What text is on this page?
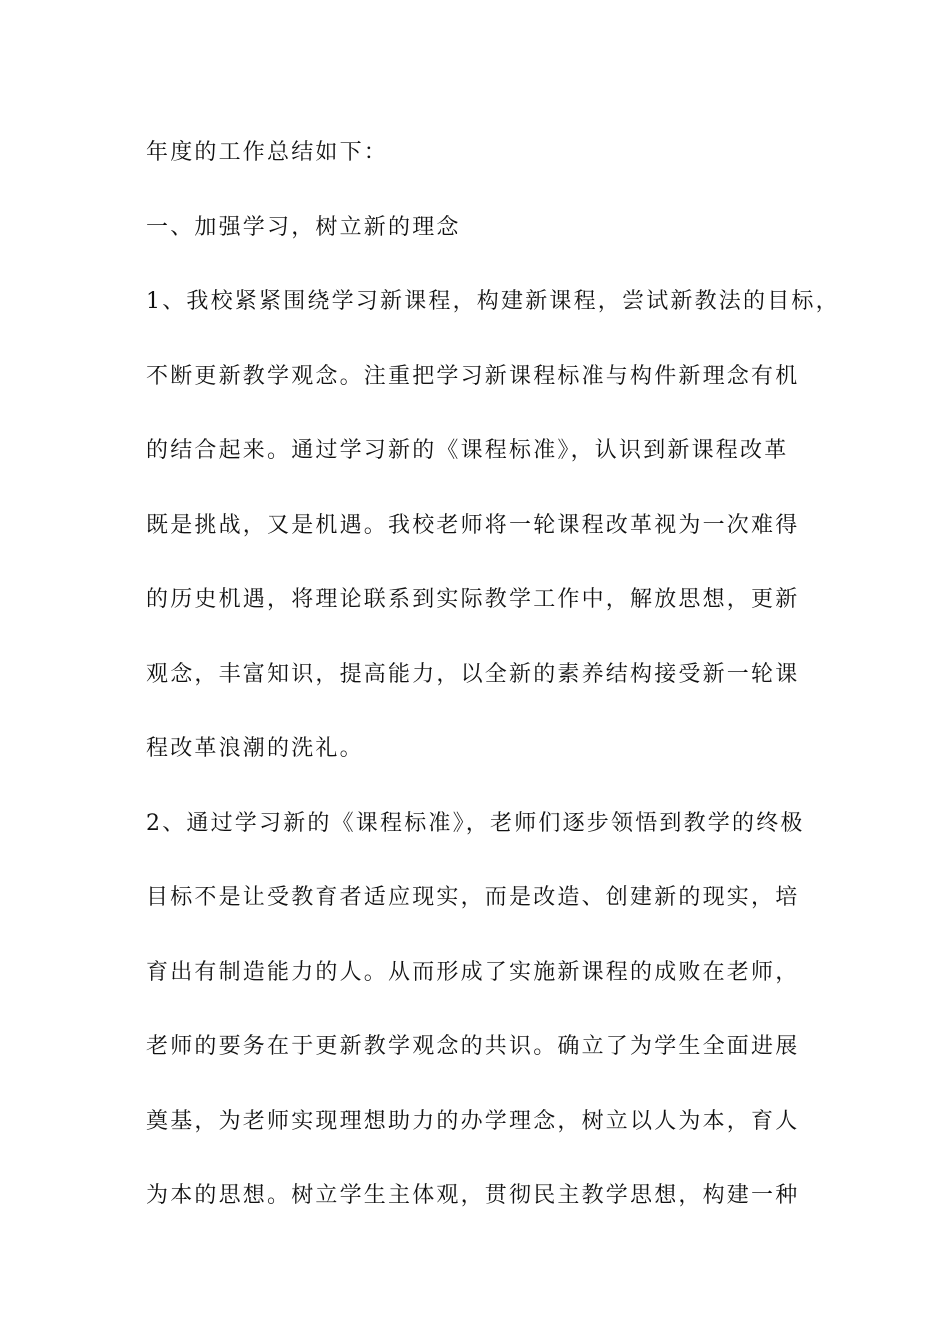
年度的工作总结如下：
一、加强学习，树立新的理念
1、我校紧紧围绕学习新课程，构建新课程，尝试新教法的目标，
不断更新教学观念。注重把学习新课程标准与构件新理念有机
的结合起来。通过学习新的《课程标准》，认识到新课程改革
既是挑战，又是机遇。我校老师将一轮课程改革视为一次难得
的历史机遇，将理论联系到实际教学工作中，解放思想，更新
观念，丰富知识，提高能力，以全新的素养结构接受新一轮课
程改革浪潮的洗礼。
2、通过学习新的《课程标准》，老师们逐步领悟到教学的终极
目标不是让受教育者适应现实，而是改造、创建新的现实，培
育出有制造能力的人。从而形成了实施新课程的成败在老师，
老师的要务在于更新教学观念的共识。确立了为学生全面进展
奠基，为老师实现理想助力的办学理念，树立以人为本，育人
为本的思想。树立学生主体观，贯彻民主教学思想，构建一种
